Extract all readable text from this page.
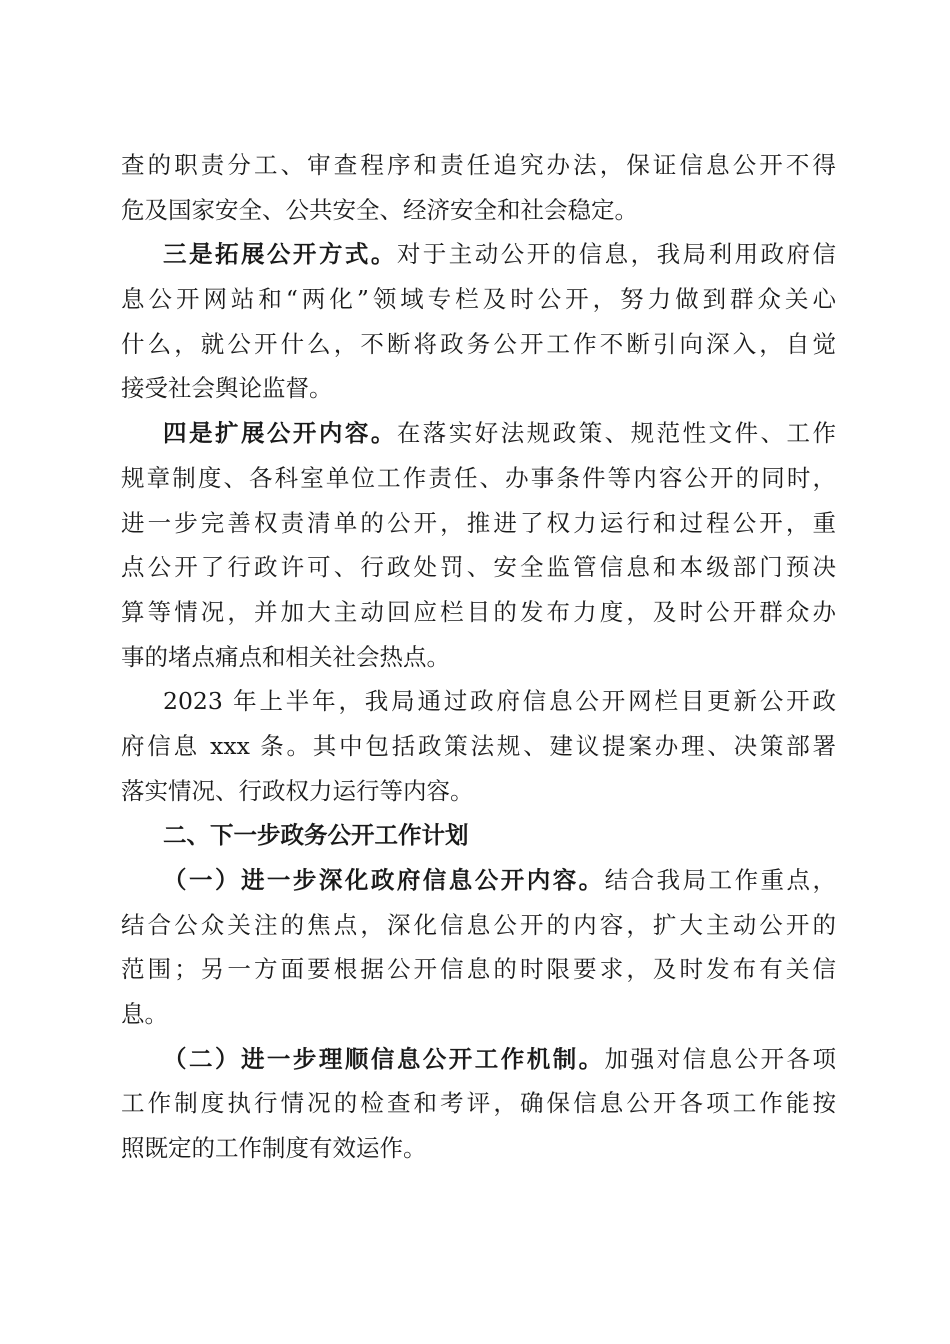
查的职责分工、审查程序和责任追究办法，保证信息公开不得
危及国家安全、公共安全、经济安全和社会稳定。
三是拓展公开方式。对于主动公开的信息，我局利用政府信
息公开网站和“两化”领域专栏及时公开，努力做到群众关心
什么，就公开什么，不断将政务公开工作不断引向深入，自觉
接受社会舆论监督。
四是扩展公开内容。在落实好法规政策、规范性文件、工作
规章制度、各科室单位工作责任、办事条件等内容公开的同时，
进一步完善权责清单的公开，推进了权力运行和过程公开，重
点公开了行政许可、行政处罚、安全监管信息和本级部门预决
算等情况，并加大主动回应栏目的发布力度，及时公开群众办
事的堵点痛点和相关社会热点。
2023 年上半年，我局通过政府信息公开网栏目更新公开政
府信息 xxx 条。其中包括政策法规、建议提案办理、决策部署
落实情况、行政权力运行等内容。
二、下一步政务公开工作计划
（一）进一步深化政府信息公开内容。结合我局工作重点，
结合公众关注的焦点，深化信息公开的内容，扩大主动公开的
范围；另一方面要根据公开信息的时限要求，及时发布有关信
息。
（二）进一步理顺信息公开工作机制。加强对信息公开各项
工作制度执行情况的检查和考评，确保信息公开各项工作能按
照既定的工作制度有效运作。
